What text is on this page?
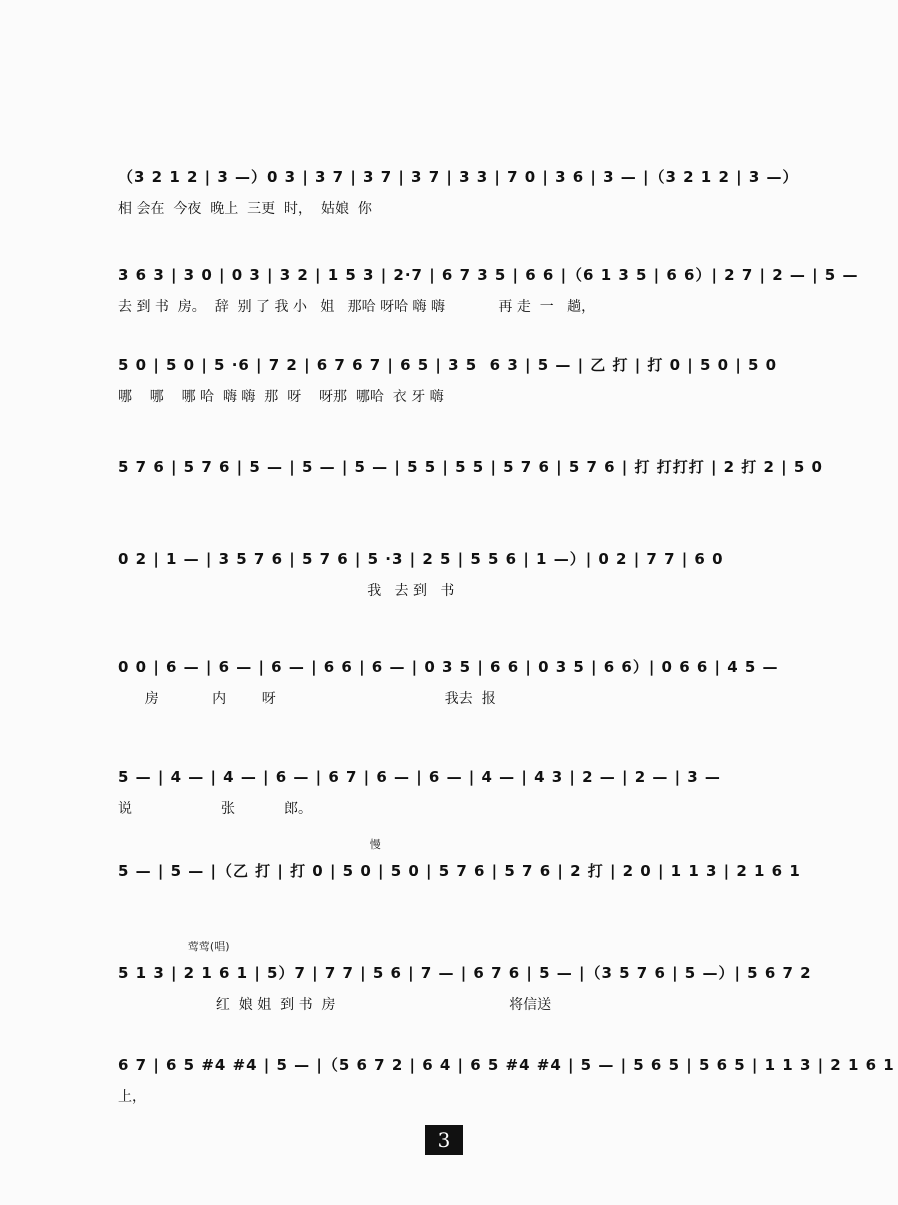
（3 2 1 2 | 3 —）0 3 | 3 7 | 3 7 | 3 7 | 3 3 | 7 0 | 3 6 | 3 — |（3 2 1 2 | 3 —）
相 会在  今夜  晚上  三更  时，  姑娘  你
3 6 3 | 3 0 | 0 3 | 3 2 | 1 5 3 | 2·7 | 6 7 3 5 | 6 6 |（6 1 3 5 | 6 6）| 2 7 | 2 — | 5 —
去 到 书  房。  辞  别 了 我 小   姐   那哈 呀哈 嗨 嗨            再 走  一   趟，
5 0 | 5 0 | 5 ·6 | 7 2 | 6 7 6 7 | 6 5 | 3 5  6 3 | 5 — | 乙 打 | 打 0 | 5 0 | 5 0
哪    哪    哪 哈  嗨 嗨  那  呀    呀那  哪哈  衣 牙 嗨
5 7 6 | 5 7 6 | 5 — | 5 — | 5 — | 5 5 | 5 5 | 5 7 6 | 5 7 6 | 打 打打打 | 2 打 2 | 5 0
0 2 | 1 — | 3 5 7 6 | 5 7 6 | 5 ·3 | 2 5 | 5 5 6 | 1 —）| 0 2 | 7 7 | 6 0
我   去 到   书
0 0 | 6 — | 6 — | 6 — | 6 6 | 6 — | 0 3 5 | 6 6 | 0 3 5 | 6 6）| 0 6 6 | 4 5 —
房            内        呀                                      我去  报
5 — | 4 — | 4 — | 6 — | 6 7 | 6 — | 6 — | 4 — | 4 3 | 2 — | 2 — | 3 —
说                    张           郎。
慢
5 — | 5 — |（乙 打 | 打 0 | 5 0 | 5 0 | 5 7 6 | 5 7 6 | 2 打 | 2 0 | 1 1 3 | 2 1 6 1
莺莺(唱)
5 1 3 | 2 1 6 1 | 5）7 | 7 7 | 5 6 | 7 — | 6 7 6 | 5 — |（3 5 7 6 | 5 —）| 5 6 7 2
红  娘 姐  到 书  房                                       将信送
6 7 | 6 5 #4 #4 | 5 — |（5 6 7 2 | 6 4 | 6 5 #4 #4 | 5 — | 5 6 5 | 5 6 5 | 1 1 3 | 2 1 6 1
上，
3
